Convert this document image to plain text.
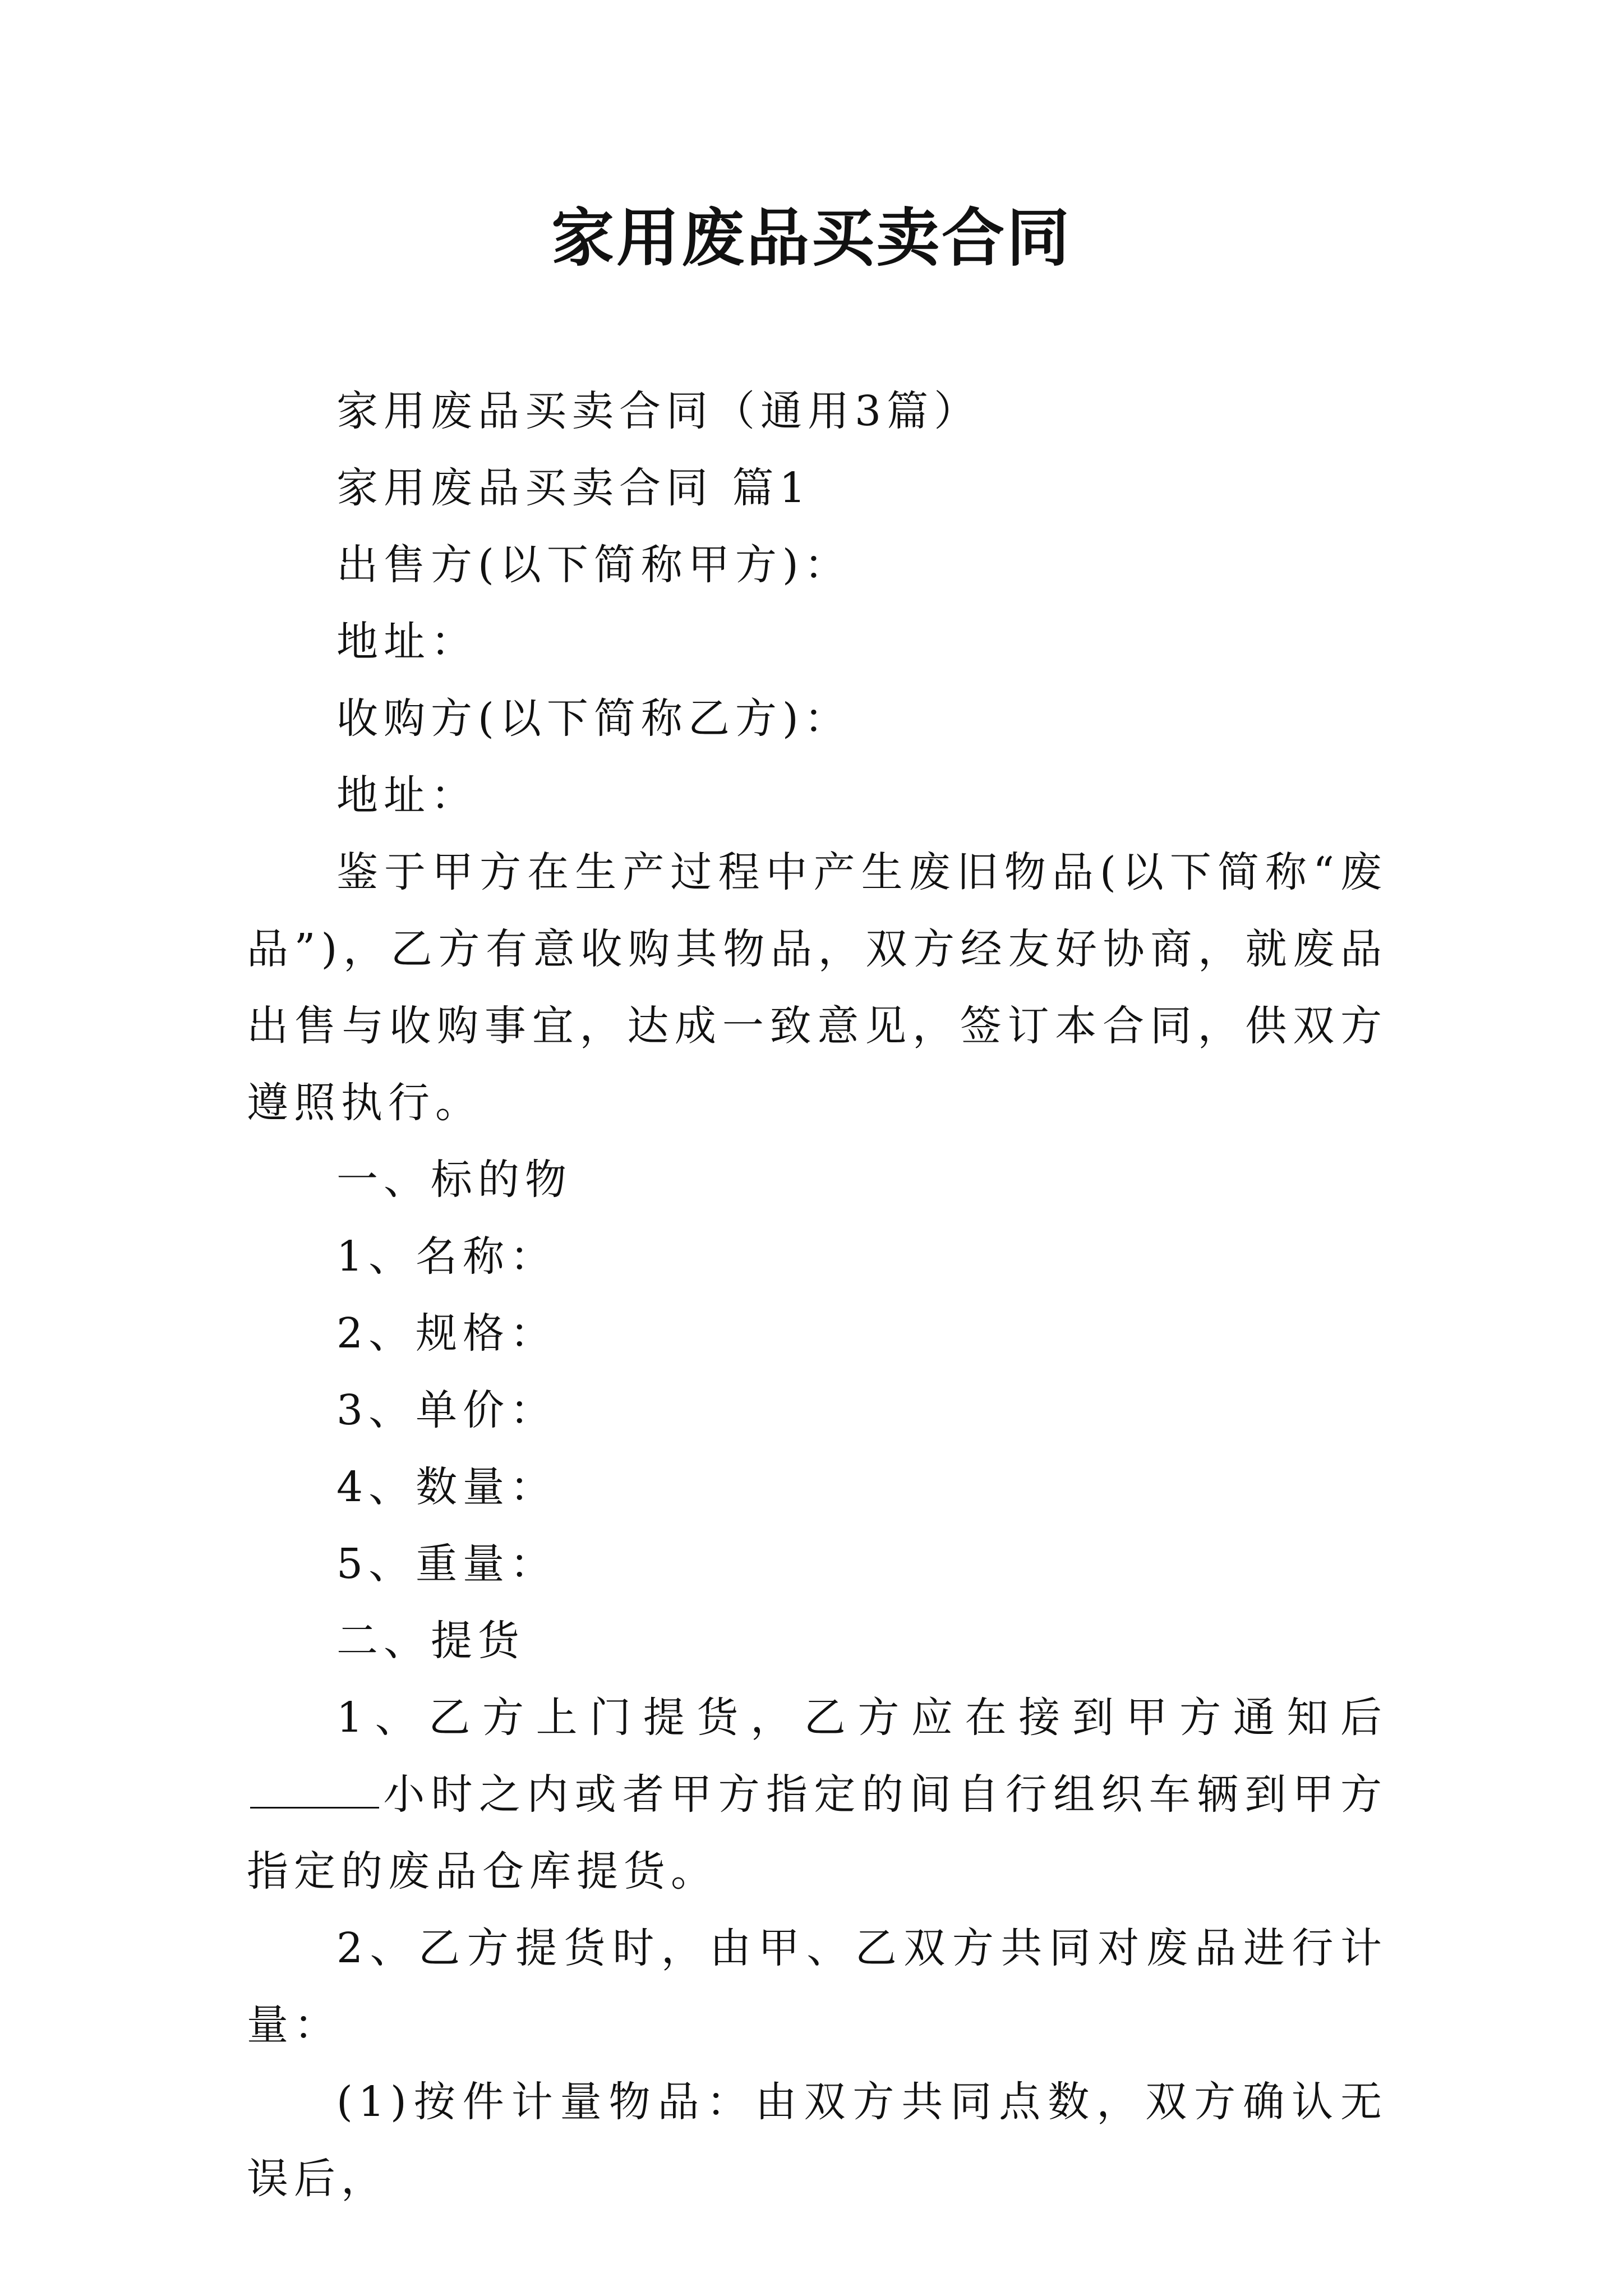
家用废品买卖合同

家用废品买卖合同（通用3篇）

家用废品买卖合同 篇1

出售方(以下简称甲方)：

地址：

收购方(以下简称乙方)：

地址：

鉴于甲方在生产过程中产生废旧物品(以下简称“废品”)，乙方有意收购其物品，双方经友好协商，就废品出售与收购事宜，达成一致意见，签订本合同，供双方遵照执行。

一、标的物

1、名称：

2、规格：

3、单价：

4、数量：

5、重量：

二、提货

1、乙方上门提货，乙方应在接到甲方通知后小时之内或者甲方指定的间自行组织车辆到甲方指定的废品仓库提货。

2、乙方提货时，由甲、乙双方共同对废品进行计量：

(1)按件计量物品：由双方共同点数，双方确认无误后，
